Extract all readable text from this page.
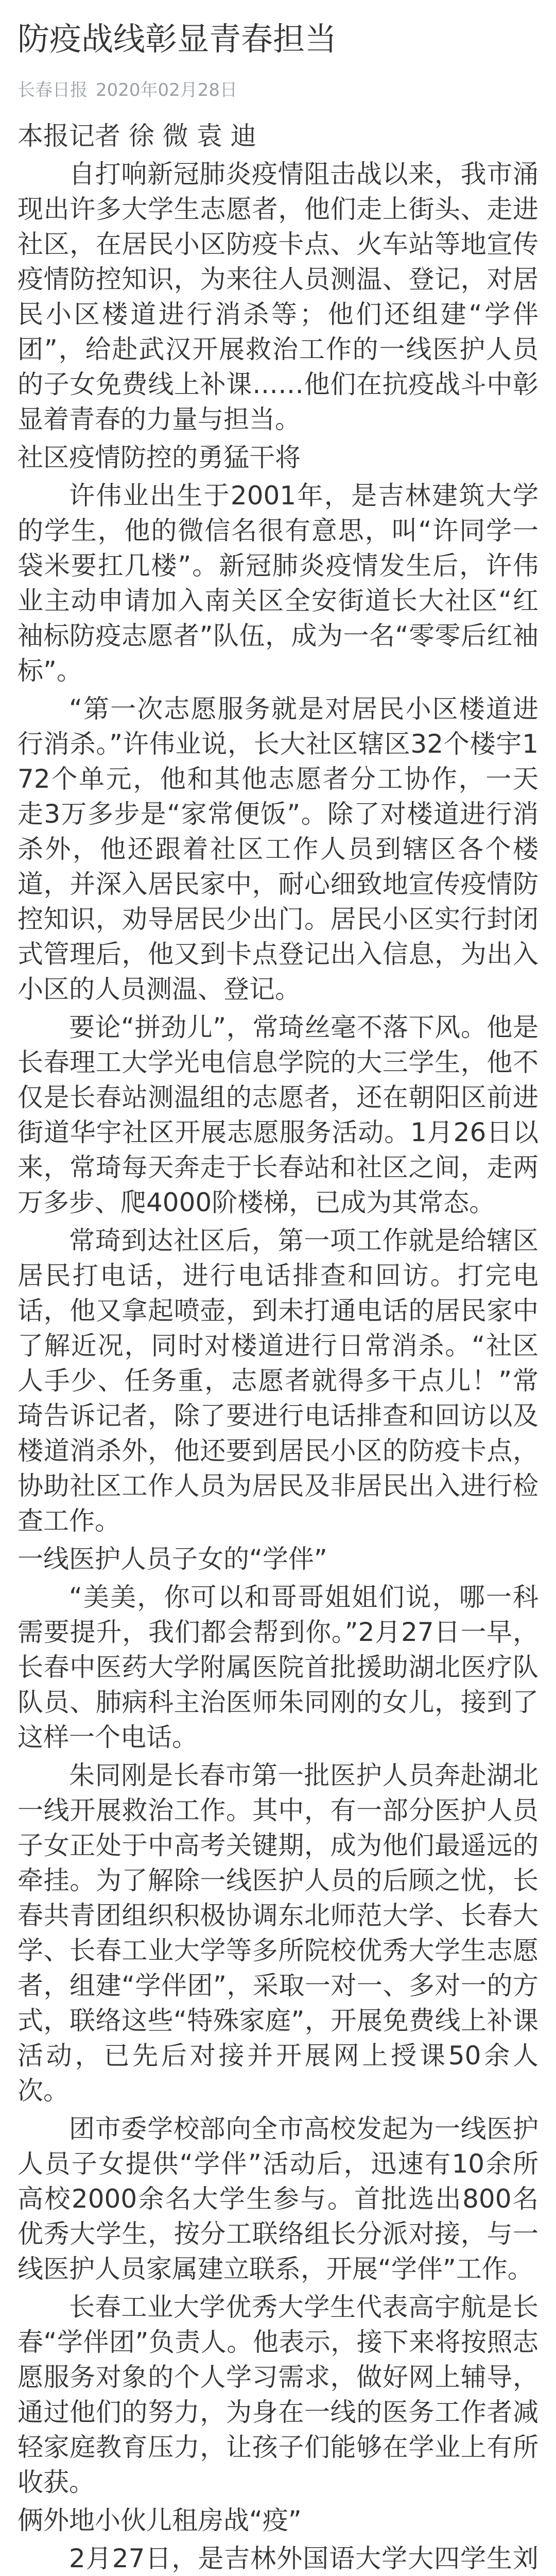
防疫战线彰显青春担当
长春日报 2020年02月28日

本报记者 徐 微 袁 迪

自打响新冠肺炎疫情阻击战以来，我市涌现出许多大学生志愿者，他们走上街头、走进社区，在居民小区防疫卡点、火车站等地宣传疫情防控知识，为来往人员测温、登记，对居民小区楼道进行消杀等；他们还组建“学伴团”，给赴武汉开展救治工作的一线医护人员的子女免费线上补课……他们在抗疫战斗中彰显着青春的力量与担当。

社区疫情防控的勇猛干将

许伟业出生于2001年，是吉林建筑大学的学生，他的微信名很有意思，叫“许同学一袋米要扛几楼”。新冠肺炎疫情发生后，许伟业主动申请加入南关区全安街道长大社区“红袖标防疫志愿者”队伍，成为一名“零零后红袖标”。

“第一次志愿服务就是对居民小区楼道进行消杀。”许伟业说，长大社区辖区32个楼宇172个单元，他和其他志愿者分工协作，一天走3万多步是“家常便饭”。除了对楼道进行消杀外，他还跟着社区工作人员到辖区各个楼道，并深入居民家中，耐心细致地宣传疫情防控知识，劝导居民少出门。居民小区实行封闭式管理后，他又到卡点登记出入信息，为出入小区的人员测温、登记。

要论“拼劲儿”，常琦丝毫不落下风。他是长春理工大学光电信息学院的大三学生，他不仅是长春站测温组的志愿者，还在朝阳区前进街道华宇社区开展志愿服务活动。1月26日以来，常琦每天奔走于长春站和社区之间，走两万多步、爬4000阶楼梯，已成为其常态。

常琦到达社区后，第一项工作就是给辖区居民打电话，进行电话排查和回访。打完电话，他又拿起喷壶，到未打通电话的居民家中了解近况，同时对楼道进行日常消杀。“社区人手少、任务重，志愿者就得多干点儿！”常琦告诉记者，除了要进行电话排查和回访以及楼道消杀外，他还要到居民小区的防疫卡点，协助社区工作人员为居民及非居民出入进行检查工作。

一线医护人员子女的“学伴”

“美美，你可以和哥哥姐姐们说，哪一科需要提升，我们都会帮到你。”2月27日一早，长春中医药大学附属医院首批援助湖北医疗队队员、肺病科主治医师朱同刚的女儿，接到了这样一个电话。

朱同刚是长春市第一批医护人员奔赴湖北一线开展救治工作。其中，有一部分医护人员子女正处于中高考关键期，成为他们最遥远的牵挂。为了解除一线医护人员的后顾之忧，长春共青团组织积极协调东北师范大学、长春大学、长春工业大学等多所院校优秀大学生志愿者，组建“学伴团”，采取一对一、多对一的方式，联络这些“特殊家庭”，开展免费线上补课活动，已先后对接并开展网上授课50余人次。

团市委学校部向全市高校发起为一线医护人员子女提供“学伴”活动后，迅速有10余所高校2000余名大学生参与。首批选出800名优秀大学生，按分工联络组长分派对接，与一线医护人员家属建立联系，开展“学伴”工作。

长春工业大学优秀大学生代表高宇航是长春“学伴团”负责人。他表示，接下来将按照志愿服务对象的个人学习需求，做好网上辅导，通过他们的努力，为身在一线的医务工作者减轻家庭教育压力，让孩子们能够在学业上有所收获。

俩外地小伙儿租房战“疫”

2月27日，是吉林外国语大学大四学生刘
